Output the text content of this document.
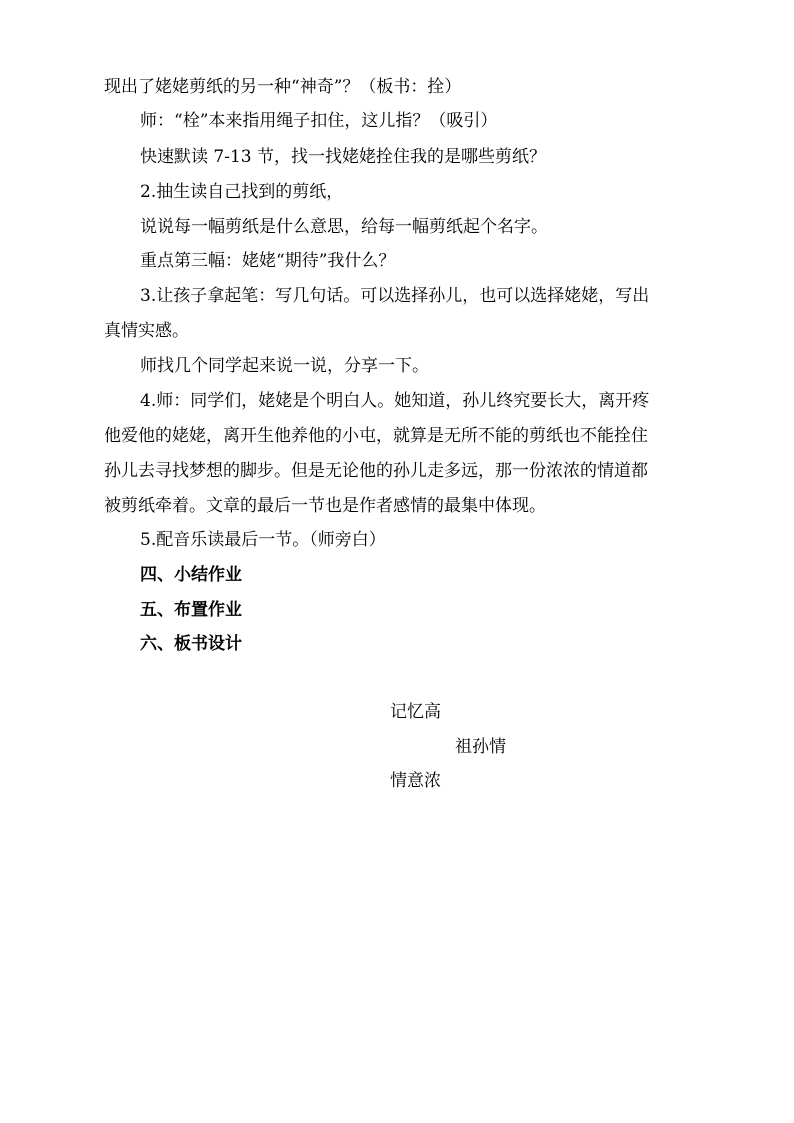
现出了姥姥剪纸的另一种“神奇”？（板书：拴）
师：“栓”本来指用绳子扣住，这儿指？（吸引）
快速默读 7-13 节，找一找姥姥拴住我的是哪些剪纸？
2.抽生读自己找到的剪纸，
说说每一幅剪纸是什么意思，给每一幅剪纸起个名字。
重点第三幅：姥姥“期待”我什么？
3.让孩子拿起笔：写几句话。可以选择孙儿，也可以选择姥姥，写出
真情实感。
师找几个同学起来说一说，分享一下。
4.师：同学们，姥姥是个明白人。她知道，孙儿终究要长大，离开疼
他爱他的姥姥，离开生他养他的小屯，就算是无所不能的剪纸也不能拴住
孙儿去寻找梦想的脚步。但是无论他的孙儿走多远，那一份浓浓的情道都
被剪纸牵着。文章的最后一节也是作者感情的最集中体现。
5.配音乐读最后一节。（师旁白）
四、小结作业
五、布置作业
六、板书设计
记忆高
祖孙情
情意浓
